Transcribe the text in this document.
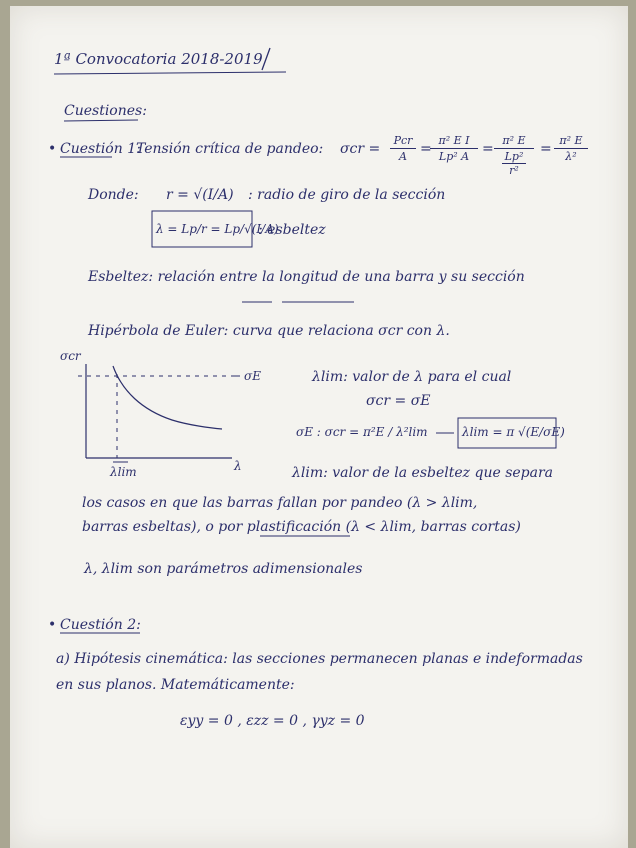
1ª Convocatoria 2018-2019
Cuestiones:
• Cuestión 1:
Tensión crítica de pandeo: σcr =
Pcr
A =
π² E I
Lp² A =
π² E
Lp²
r²
=
π² E
λ²
Donde: r = √(I/A) : radio de giro de la sección
λ = Lp/r = Lp/√(I/A)
: esbeltez
Esbeltez: relación entre la longitud de una barra y su sección
Hipérbola de Euler: curva que relaciona σcr con λ.
σcr
λ
σE
λlim
λlim: valor de λ para el cual
σcr = σE
σE : σcr = π²E / λ²lim	λlim = π √(E/σE)
λlim: valor de la esbeltez que separa
los casos en que las barras fallan por pandeo (λ > λlim,
barras esbeltas), o por plastificación (λ < λlim, barras cortas)
λ, λlim son parámetros adimensionales
• Cuestión 2:
a) Hipótesis cinemática: las secciones permanecen planas e indeformadas
en sus planos. Matemáticamente:
εyy = 0 , εzz = 0 , γyz = 0
